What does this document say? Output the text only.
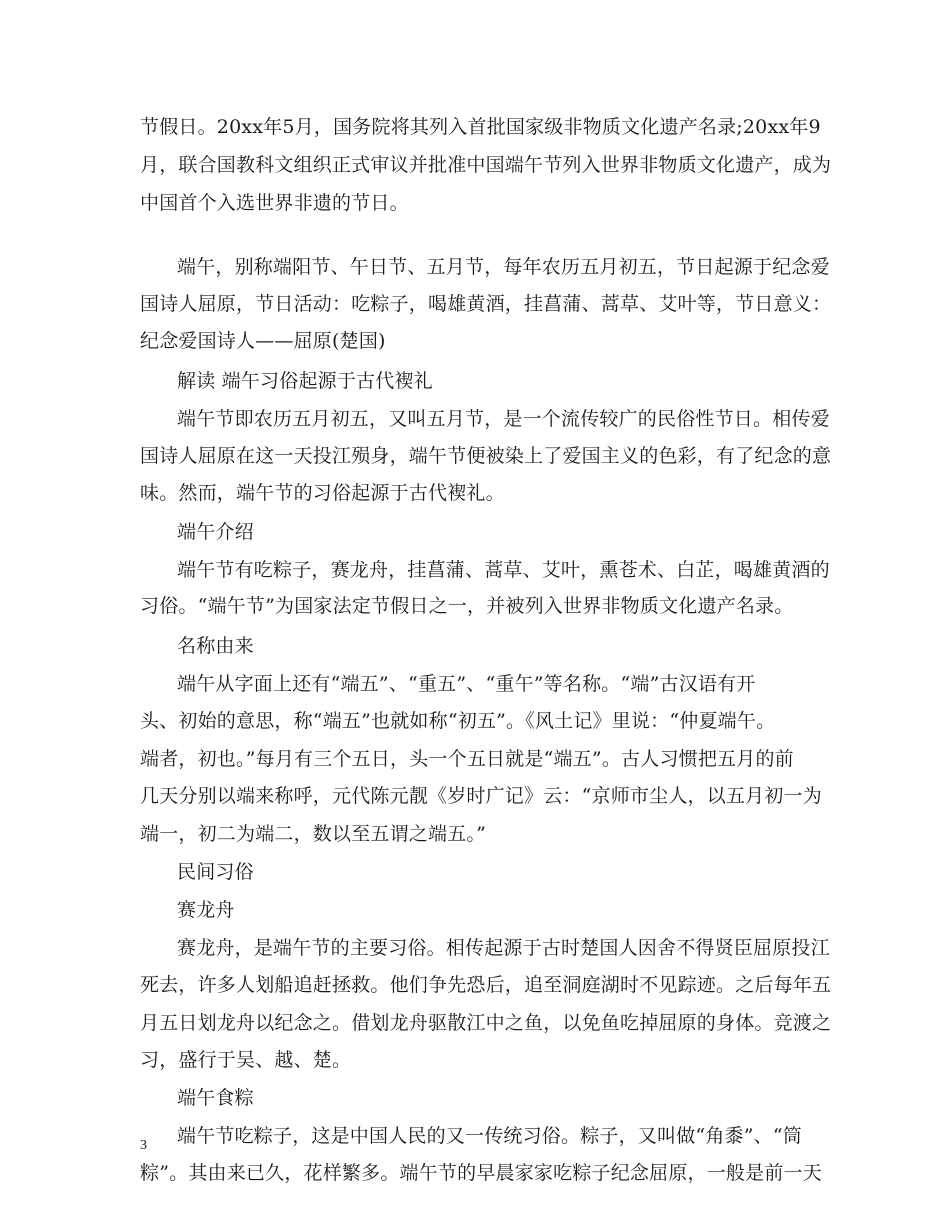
节假日。20xx年5月，国务院将其列入首批国家级非物质文化遗产名录;20xx年9
月，联合国教科文组织正式审议并批准中国端午节列入世界非物质文化遗产，成为
中国首个入选世界非遗的节日。
端午，别称端阳节、午日节、五月节，每年农历五月初五，节日起源于纪念爱
国诗人屈原，节日活动：吃粽子，喝雄黄酒，挂菖蒲、蒿草、艾叶等，节日意义：
纪念爱国诗人——屈原(楚国)
解读 端午习俗起源于古代褉礼
端午节即农历五月初五，又叫五月节，是一个流传较广的民俗性节日。相传爱
国诗人屈原在这一天投江殒身，端午节便被染上了爱国主义的色彩，有了纪念的意
味。然而，端午节的习俗起源于古代褉礼。
端午介绍
端午节有吃粽子，赛龙舟，挂菖蒲、蒿草、艾叶，熏苍术、白芷，喝雄黄酒的
习俗。“端午节”为国家法定节假日之一，并被列入世界非物质文化遗产名录。
名称由来
端午从字面上还有“端五”、“重五”、“重午”等名称。“端”古汉语有开
头、初始的意思，称“端五”也就如称“初五”。《风土记》里说：“仲夏端午。
端者，初也。”每月有三个五日，头一个五日就是“端五”。古人习惯把五月的前
几天分别以端来称呼，元代陈元靓《岁时广记》云：“京师市尘人，以五月初一为
端一，初二为端二，数以至五谓之端五。”
民间习俗
赛龙舟
赛龙舟，是端午节的主要习俗。相传起源于古时楚国人因舍不得贤臣屈原投江
死去，许多人划船追赶拯救。他们争先恐后，追至洞庭湖时不见踪迹。之后每年五
月五日划龙舟以纪念之。借划龙舟驱散江中之鱼，以免鱼吃掉屈原的身体。竞渡之
习，盛行于吴、越、楚。
端午食粽
3 端午节吃粽子，这是中国人民的又一传统习俗。粽子，又叫做“角黍”、“筒
粽”。其由来已久，花样繁多。端午节的早晨家家吃粽子纪念屈原，一般是前一天
